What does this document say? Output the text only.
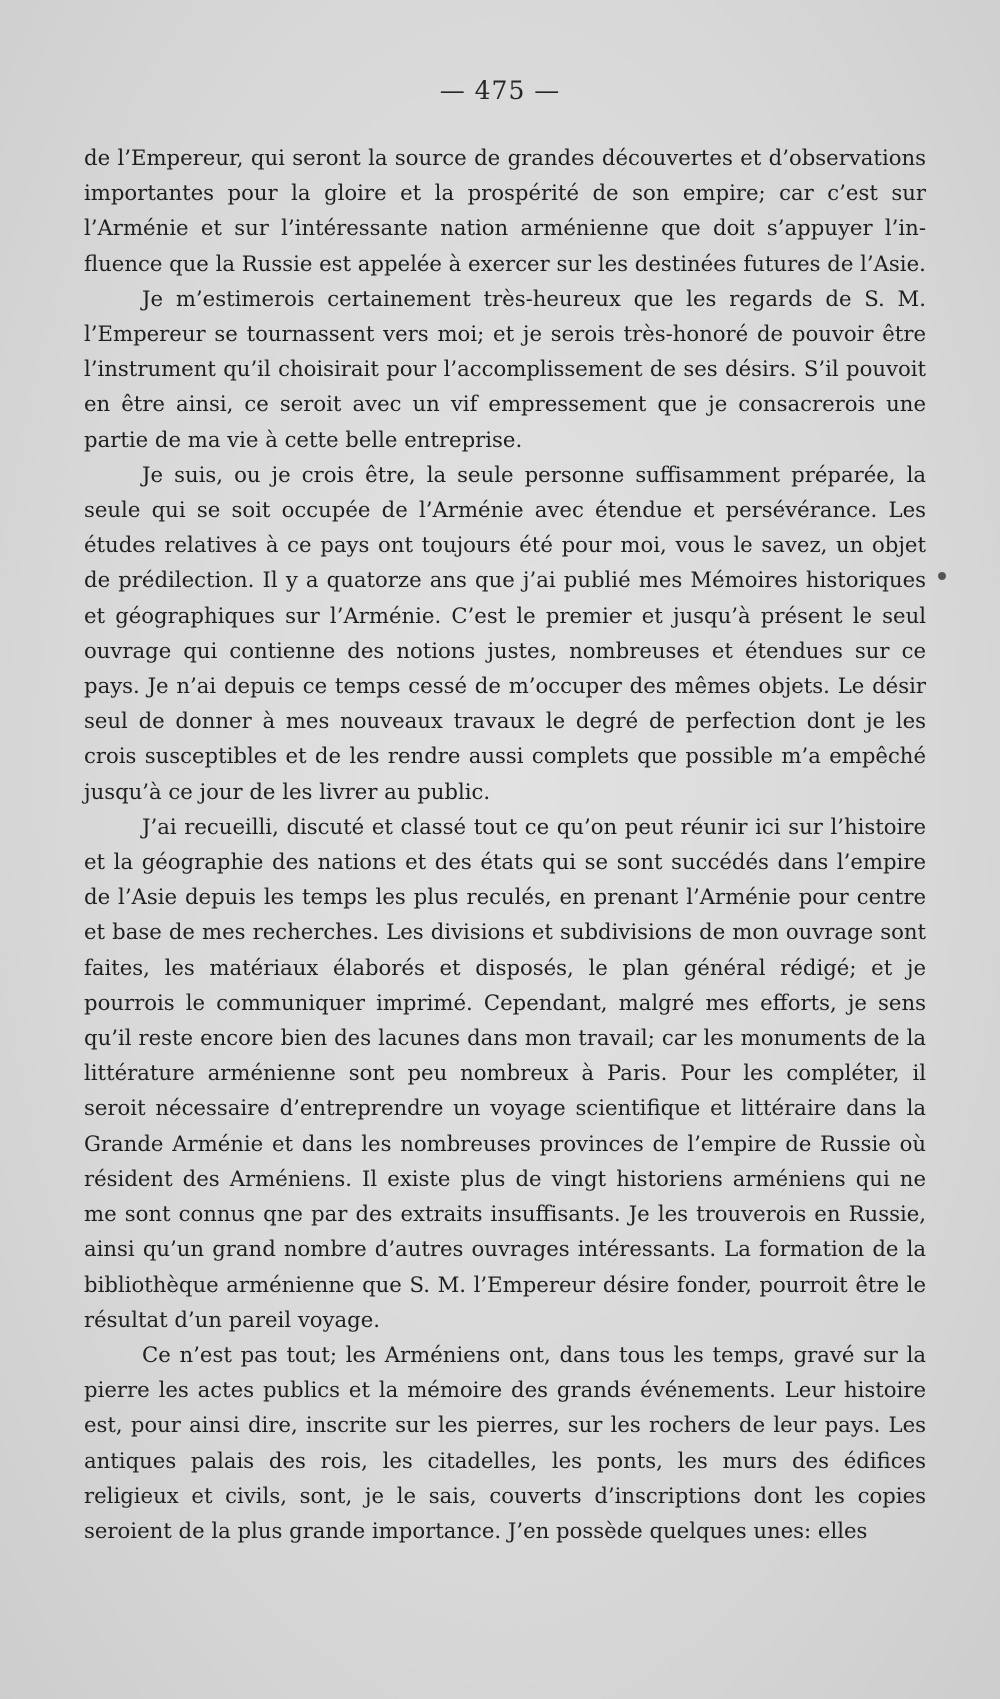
— 475 —

de l’Empereur, qui seront la source de grandes découvertes et d’observations importantes pour la gloire et la prospérité de son empire; car c’est sur l’Arménie et sur l’intéressante nation arménienne que doit s’appuyer l’influence que la Russie est appelée à exercer sur les destinées futures de l’Asie.

Je m’estimerois certainement très-heureux que les regards de S. M. l’Empereur se tournassent vers moi; et je serois très-honoré de pouvoir être l’instrument qu’il choisirait pour l’accomplissement de ses désirs. S’il pouvoit en être ainsi, ce seroit avec un vif empressement que je consacrerois une partie de ma vie à cette belle entreprise.

Je suis, ou je crois être, la seule personne suffisamment préparée, la seule qui se soit occupée de l’Arménie avec étendue et persévérance. Les études relatives à ce pays ont toujours été pour moi, vous le savez, un objet de prédilection. Il y a quatorze ans que j’ai publié mes Mémoires historiques et géographiques sur l’Arménie. C’est le premier et jusqu’à présent le seul ouvrage qui contienne des notions justes, nombreuses et étendues sur ce pays. Je n’ai depuis ce temps cessé de m’occuper des mêmes objets. Le désir seul de donner à mes nouveaux travaux le degré de perfection dont je les crois susceptibles et de les rendre aussi complets que possible m’a empêché jusqu’à ce jour de les livrer au public.

J’ai recueilli, discuté et classé tout ce qu’on peut réunir ici sur l’histoire et la géographie des nations et des états qui se sont succédés dans l’empire de l’Asie depuis les temps les plus reculés, en prenant l’Arménie pour centre et base de mes recherches. Les divisions et subdivisions de mon ouvrage sont faites, les matériaux élaborés et disposés, le plan général rédigé; et je pourrois le communiquer imprimé. Cependant, malgré mes efforts, je sens qu’il reste encore bien des lacunes dans mon travail; car les monuments de la littérature arménienne sont peu nombreux à Paris. Pour les compléter, il seroit nécessaire d’entreprendre un voyage scientifique et littéraire dans la Grande Arménie et dans les nombreuses provinces de l’empire de Russie où résident des Arméniens. Il existe plus de vingt historiens arméniens qui ne me sont connus qne par des extraits insuffisants. Je les trouverois en Russie, ainsi qu’un grand nombre d’autres ouvrages intéressants. La formation de la bibliothèque arménienne que S. M. l’Empereur désire fonder, pourroit être le résultat d’un pareil voyage.

Ce n’est pas tout; les Arméniens ont, dans tous les temps, gravé sur la pierre les actes publics et la mémoire des grands événements. Leur histoire est, pour ainsi dire, inscrite sur les pierres, sur les rochers de leur pays. Les antiques palais des rois, les citadelles, les ponts, les murs des édifices religieux et civils, sont, je le sais, couverts d’inscriptions dont les copies seroient de la plus grande importance. J’en possède quelques unes: elles
